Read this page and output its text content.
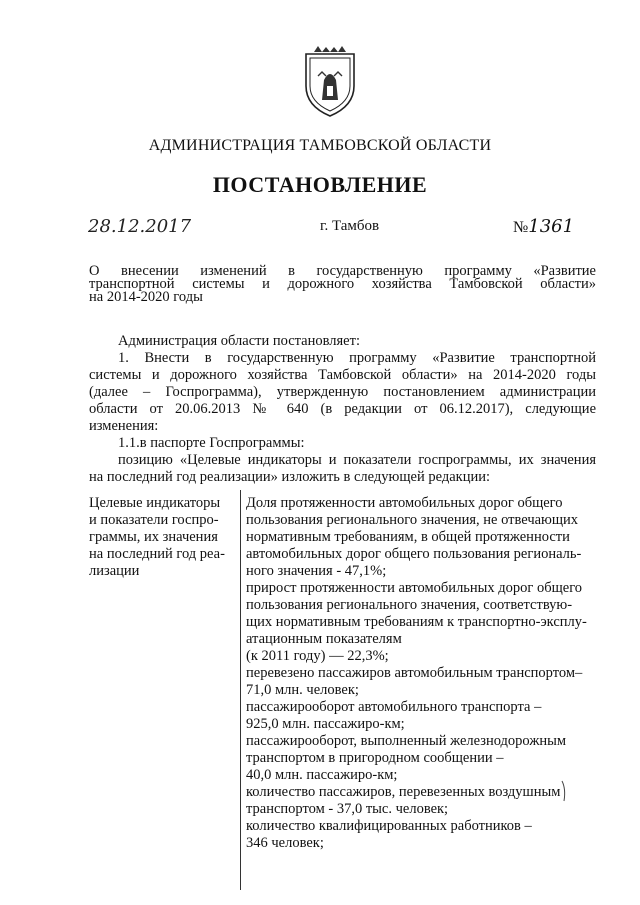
АДМИНИСТРАЦИЯ ТАМБОВСКОЙ ОБЛАСТИ
ПОСТАНОВЛЕНИЕ
28.12.2017	г. Тамбов	№1361
О внесении изменений в государственную программу «Развитие
транспортной системы и дорожного хозяйства Тамбовской области»
на 2014-2020 годы
Администрация области постановляет:
1. Внести в государственную программу «Развитие транспортной
системы и дорожного хозяйства Тамбовской области» на 2014-2020 годы
(далее – Госпрограмма), утвержденную постановлением администрации
области от 20.06.2013 № 640 (в редакции от 06.12.2017), следующие
изменения:
1.1.в паспорте Госпрограммы:
позицию «Целевые индикаторы и показатели госпрограммы, их значения
на последний год реализации» изложить в следующей редакции:
Целевые индикаторы
и показатели госпро-
граммы, их значения
на последний год реа-
лизации
Доля протяженности автомобильных дорог общего
пользования регионального значения, не отвечающих
нормативным требованиям, в общей протяженности
автомобильных дорог общего пользования региональ-
ного значения - 47,1%;
прирост протяженности автомобильных дорог общего
пользования регионального значения, соответствую-
щих нормативным требованиям к транспортно-эксплу-
атационным показателям
(к 2011 году) — 22,3%;
перевезено пассажиров автомобильным транспортом–
71,0 млн. человек;
пассажирооборот автомобильного транспорта –
925,0 млн. пассажиро-км;
пассажирооборот, выполненный железнодорожным
транспортом в пригородном сообщении –
40,0 млн. пассажиро-км;
количество пассажиров, перевезенных воздушным
транспортом - 37,0 тыс. человек;
количество квалифицированных работников –
346 человек;
